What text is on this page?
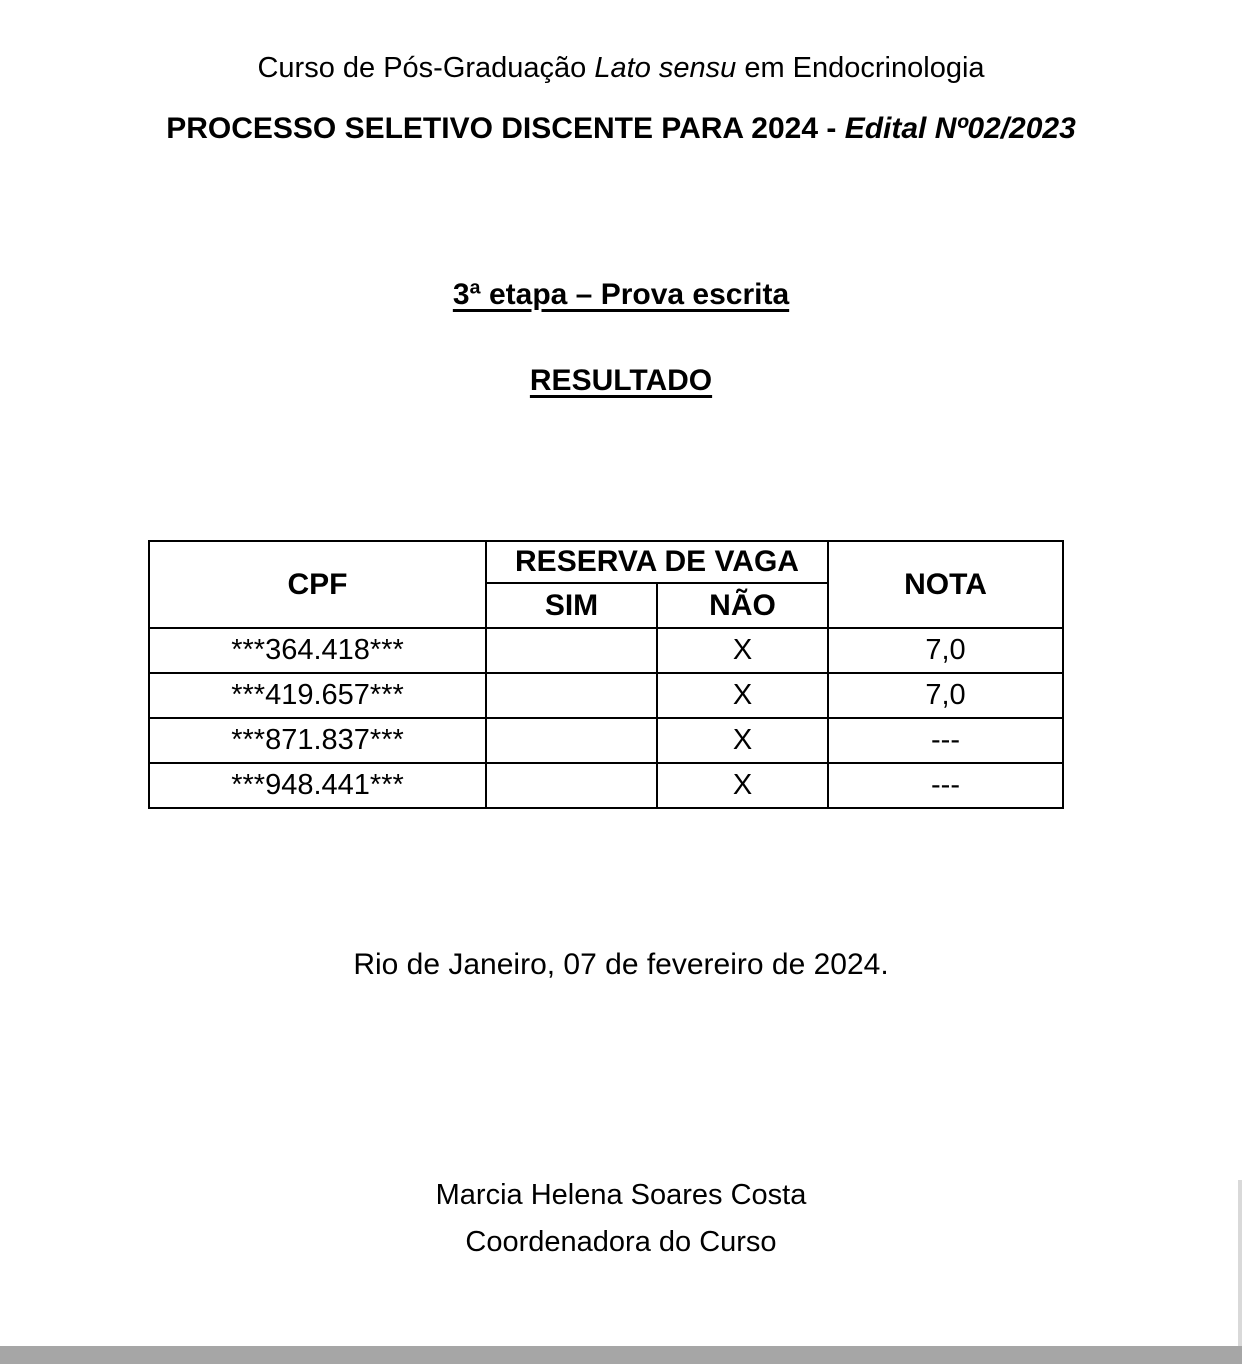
Curso de Pós-Graduação Lato sensu em Endocrinologia
PROCESSO SELETIVO DISCENTE PARA 2024 - Edital Nº02/2023
3ª etapa – Prova escrita
RESULTADO
CPF	RESERVA DE VAGA		NOTA
	SIM	NÃO	
***364.418***		X	7,0
***419.657***		X	7,0
***871.837***		X	---
***948.441***		X	---
Rio de Janeiro, 07 de fevereiro de 2024.
Marcia Helena Soares Costa
Coordenadora do Curso
